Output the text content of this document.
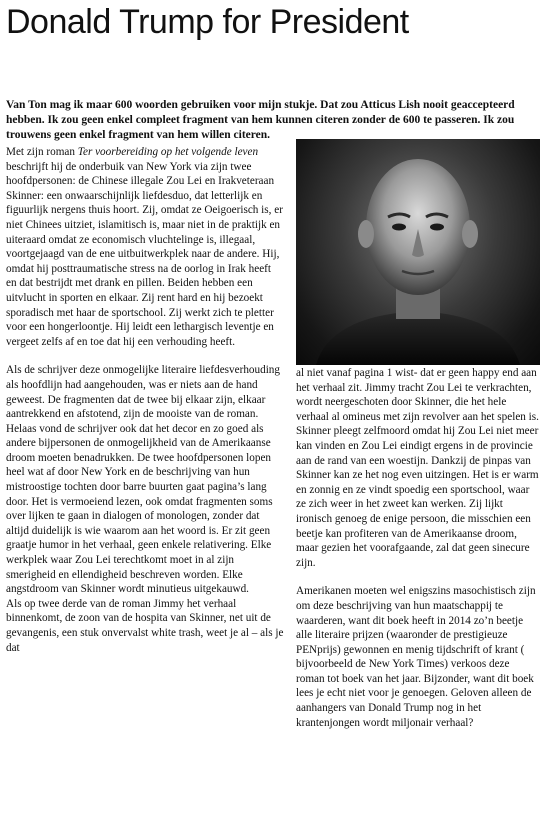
Donald Trump for President

Van Ton mag ik maar 600 woorden gebruiken voor mijn stukje. Dat zou Atticus Lish nooit geaccepteerd hebben. Ik zou geen enkel compleet fragment van hem kunnen citeren zonder de 600 te passeren. Ik zou trouwens geen enkel fragment van hem willen citeren.

Met zijn roman Ter voorbereiding op het volgende leven beschrijft hij de onderbuik van New York via zijn twee hoofdpersonen: de Chinese illegale Zou Lei en Irakveteraan Skinner: een onwaarschijnlijk liefdesduo, dat letterlijk en figuurlijk nergens thuis hoort. Zij, omdat ze Oeigoerisch is, er niet Chinees uitziet, islamitisch is, maar niet in de praktijk en uiteraard omdat ze economisch vluchtelinge is, illegaal, voortgejaagd van de ene uitbuitwerkplek naar de andere. Hij, omdat hij posttraumatische stress na de oorlog in Irak heeft en dat bestrijdt met drank en pillen. Beiden hebben een uitvlucht in sporten en elkaar. Zij rent hard en hij bezoekt sporadisch met haar de sportschool. Zij werkt zich te pletter voor een hongerloontje. Hij leidt een lethargisch leventje en vergeet zelfs af en toe dat hij een verhouding heeft.

Als de schrijver deze onmogelijke literaire liefdesverhouding als hoofdlijn had aangehouden, was er niets aan de hand geweest. De fragmenten dat de twee bij elkaar zijn, elkaar aantrekkend en afstotend, zijn de mooiste van de roman. Helaas vond de schrijver ook dat het decor en zo goed als andere bijpersonen de onmogelijkheid van de Amerikaanse droom moeten benadrukken. De twee hoofdpersonen lopen heel wat af door New York en de beschrijving van hun mistroostige tochten door barre buurten gaat pagina’s lang door. Het is vermoeiend lezen, ook omdat fragmenten soms over lijken te gaan in dialogen of monologen, zonder dat altijd duidelijk is wie waarom aan het woord is. Er zit geen graatje humor in het verhaal, geen enkele relativering. Elke werkplek waar Zou Lei terechtkomt moet in al zijn smerigheid en ellendigheid beschreven worden. Elke angstdroom van Skinner wordt minutieus uitgekauwd.

Als op twee derde van de roman Jimmy het verhaal binnenkomt, de zoon van de hospita van Skinner, net uit de gevangenis, een stuk onvervalst white trash, weet je al – als je dat

al niet vanaf pagina 1 wist- dat er geen happy end aan het verhaal zit. Jimmy tracht Zou Lei te verkrachten, wordt neergeschoten door Skinner, die het hele verhaal al ominеus met zijn revolver aan het spelen is. Skinner pleegt zelfmoord omdat hij Zou Lei niet meer kan vinden en Zou Lei eindigt ergens in de provincie aan de rand van een woestijn. Dankzij de pinpas van Skinner kan ze het nog even uitzingen. Het is er warm en zonnig en ze vindt spoedig een sportschool, waar ze zich weer in het zweet kan werken. Zij lijkt ironisch genoeg de enige persoon, die misschien een beetje kan profiteren van de Amerikaanse droom, maar gezien het voorafgaande, zal dat geen sinecure zijn.

Amerikanen moeten wel enigszins masochistisch zijn om deze beschrijving van hun maatschappij te waarderen, want dit boek heeft in 2014 zo’n beetje alle literaire prijzen (waaronder de prestigieuze PENprijs) gewonnen en menig tijdschrift of krant ( bijvoorbeeld de New York Times) verkoos deze roman tot boek van het jaar. Bijzonder, want dit boek lees je echt niet voor je genoegen. Geloven alleen de aanhangers van Donald Trump nog in het krantenjongen wordt miljonair verhaal?
